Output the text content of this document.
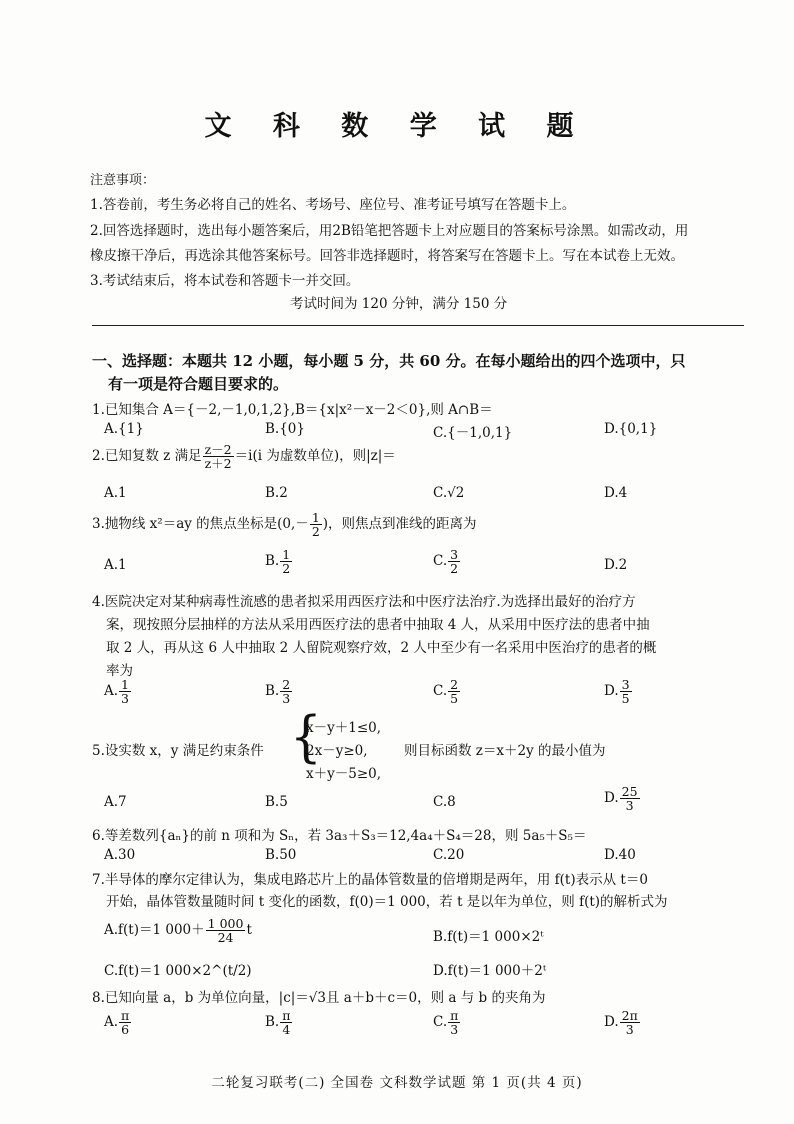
文 科 数 学 试 题
注意事项：
1.答卷前，考生务必将自己的姓名、考场号、座位号、准考证号填写在答题卡上。
2.回答选择题时，选出每小题答案后，用2B铅笔把答题卡上对应题目的答案标号涂黑。如需改动，用
橡皮擦干净后，再选涂其他答案标号。回答非选择题时，将答案写在答题卡上。写在本试卷上无效。
3.考试结束后，将本试卷和答题卡一并交回。
考试时间为 120 分钟，满分 150 分
一、选择题：本题共 12 小题，每小题 5 分，共 60 分。在每小题给出的四个选项中，只
有一项是符合题目要求的。
1.已知集合 A＝{－2,－1,0,1,2},B＝{x|x²－x－2＜0},则 A∩B＝
A.{1}	B.{0}	C.{－1,0,1}	D.{0,1}
2.已知复数 z 满足 $\frac{z-2}{z+2} =i(i$ 为虚数单位)，则|z|＝
A.1	B.2	C.√2	D.4
3.抛物线 x²＝ay 的焦点坐标是($0,- \frac{1}{2}$ )，则焦点到准线的距离为
A.1	B. $\frac{1}{2}$	C. $\frac{3}{2}$	D.2
4.医院决定对某种病毒性流感的患者拟采用西医疗法和中医疗法治疗.为选择出最好的治疗方
案，现按照分层抽样的方法从采用西医疗法的患者中抽取 4 人，从采用中医疗法的患者中抽
取 2 人，再从这 6 人中抽取 2 人留院观察疗效，2 人中至少有一名采用中医治疗的患者的概
率为
A. $\frac{1}{3}$	B. $\frac{2}{3}$	C. $\frac{2}{5}$	D. $\frac{3}{5}$
5.设实数 x，y 满足约束条件 {
x－y＋1≤0,
2x－y≥0,
x＋y－5≥0,
则目标函数 z＝x＋2y 的最小值为
A.7	B.5	C.8	D. $\frac{25}{3}$
6.等差数列{aₙ}的前 n 项和为 Sₙ，若 3a₃＋S₃＝12,4a₄＋S₄＝28，则 5a₅＋S₅＝
A.30	B.50	C.20	D.40
7.半导体的摩尔定律认为，集成电路芯片上的晶体管数量的倍增期是两年，用 f(t)表示从 t＝0
开始，晶体管数量随时间 t 变化的函数，f(0)＝1 000，若 t 是以年为单位，则 f(t)的解析式为
A.f(t)＝1 $000+ \frac{1 000}{24}$ t	B.f(t)＝1 000×2ᵗ
C.f(t)＝1 000×2^(t/2)	D.f(t)＝1 000＋2ᵗ
8.已知向量 a，b 为单位向量，|c|＝√3且 a＋b＋c＝0，则 a 与 b 的夹角为
A. $\frac{\pi}{6}$	B. $\frac{\pi}{4}$	C. $\frac{\pi}{3}$	D. $\frac{2\pi}{3}$
二轮复习联考(二) 全国卷 文科数学试题 第 1 页(共 4 页)
